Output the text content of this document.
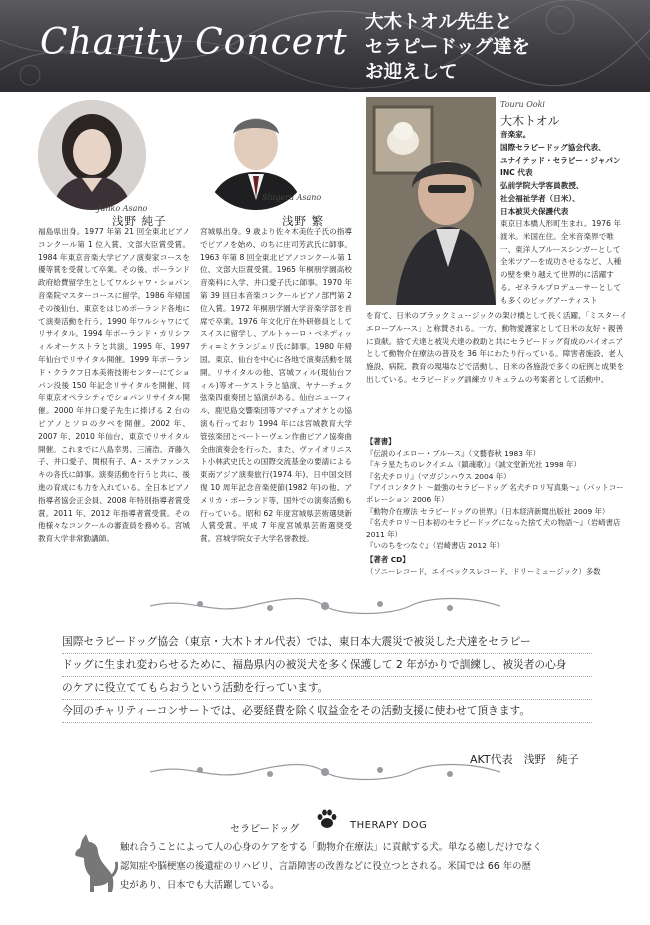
Charity Concert 大木トオル先生と
セラピードッグ達を
お迎えして
Junko Asano
浅野 純子
Shigeru Asano
浅野 繁
Touru Ooki
大木トオル
音楽家。
国際セラピードッグ協会代表、
ユナイテッド・セラピー・ジャパン
INC 代表
弘前学院大学客員教授、
社会福祉学者（日米）、
日本被災犬保護代表
福島県出身。1977 年第 21 回全東北ピアノコンクール第 1 位入賞、文部大臣賞受賞。1984 年東京音楽大学ピアノ演奏家コースを優等賞を受賞して卒業。その後、ポーランド政府給費留学生としてワルシャワ・ショパン音楽院マスターコースに留学。1986 年帰国その後仙台、東京をはじめポーランド各地にて演奏活動を行う。1990 年ワルシャワにてリサイタル。1994 年ポーランド・カリシフィルオーケストラと共演。1995 年、1997 年仙台でリサイタル開催。1999 年ポーランド・クラクフ日本美術技術センターにてショパン没後 150 年記念リサイタルを開催、同年東京オペラシティでショパンリサイタル開催。2000 年井口愛子先生に捧げる 2 台のピアノとソロの夕べを開催。2002 年、2007 年、2010 年仙台、東京でリサイタル開催。これまでに八島幸男、三浦浩、斉藤久子、井口愛子、関根有子、A・ステファンスキの各氏に師事。演奏活動を行うと共に、後進の育成にも力を入れている。全日本ピアノ指導者協会正会員、2008 年特別指導者賞受賞。2011 年、2012 年指導者賞受賞。その他様々なコンクールの審査員を務める。宮城教育大学非常勤講師。
宮城県出身。9 歳より佐々木美佐子氏の指導でピアノを始め、のちに庄司芳武氏に師事。1963 年第 8 回全東北ピアノコンクール第 1 位、文部大臣賞受賞。1965 年桐朋学園高校音楽科に入学、井口愛子氏に師事。1970 年第 39 回日本音楽コンクールピアノ部門第 2 位入賞。1972 年桐朋学園大学音楽学部を首席で卒業。1976 年文化庁在外研修員としてスイスに留学し、アルトゥーロ・ベネディッティ=ミケランジェリ氏に師事。1980 年帰国。東京、仙台を中心に各地で演奏活動を展開。リサイタルの他、宮城フィル(現仙台フィル)等オーケストラと協演、ヤナーチェク弦楽四重奏団と協演がある。仙台ニューフィル、鹿児島交響楽団等アマチュアオケとの協演も行っており 1994 年には宮城教育大学管弦楽団とベートーヴェン作曲ピアノ協奏曲全曲演奏会を行った。また、ヴァイオリニスト小林武史氏との国際交流基金の要請による東南アジア演奏旅行(1974 年)、日中国交回復 10 周年記念音楽使節(1982 年)の他、アメリカ・ポーランド等、国外での演奏活動も行っている。昭和 62 年度宮城県芸術選奨新人賞受賞。平成 7 年度宮城県芸術選奨受賞。宮城学院女子大学名誉教授。
東京日本橋人形町生まれ。1976 年渡米。米国在住。全米音楽界で唯一、東洋人ブルースシンガーとして全米ツアーを成功させるなど、人種の壁を乗り越えて世界的に活躍する。ゼネラルプロデューサーとしても多くのビッグアーティスト
を育て、日米のブラックミュージックの架け橋として長く活躍、「ミスターイエローブルース」と称賛される。一方、動物愛護家として日米の友好・親善に貢献。捨て犬達と被災犬達の救助と共にセラピードッグ育成のパイオニアとして動物介在療法の普及を 36 年にわたり行っている。障害者施設、老人施設、病院、教育の現場などで活動し、日米の各施設で多くの症例と成果を出している。セラピードッグ訓練カリキュラムの考案者として活動中。
【著書】
『伝説のイエロー・ブルース』（文藝春秋 1983 年）
『キラ星たちのレクイエム（鎮魂歌）』（誠文堂新光社 1998 年）
『名犬チロリ』（マガジンハウス 2004 年）
『アイコンタクト ～最強のセラピードッグ 名犬チロリ写真集～』（パットコーポレーション 2006 年）
『動物介在療法 セラピードッグの世界』（日本経済新聞出版社 2009 年）
『名犬チロリ～日本初のセラピードッグになった捨て犬の物語～』（岩崎書店 2011 年）
『いのちをつなぐ』（岩崎書店 2012 年）
【著者 CD】
（ソニーレコード、エイベックスレコード、ドリーミュージック）多数
国際セラピードッグ協会（東京・大木トオル代表）では、東日本大震災で被災した犬達をセラピー
ドッグに生まれ変わらせるために、福島県内の被災犬を多く保護して 2 年がかりで訓練し、被災者の心身
のケアに役立ててもらおうという活動を行っています。
今回のチャリティーコンサートでは、必要経費を除く収益金をその活動支援に使わせて頂きます。
AKT代表　浅野　純子
セラピードッグ	THERAPY DOG
触れ合うことによって人の心身のケアをする「動物介在療法」に貢献する犬。単なる癒しだけでなく
認知症や脳梗塞の後遺症のリハビリ、言語障害の改善などに役立つとされる。米国では 66 年の歴
史があり、日本でも大活躍している。
